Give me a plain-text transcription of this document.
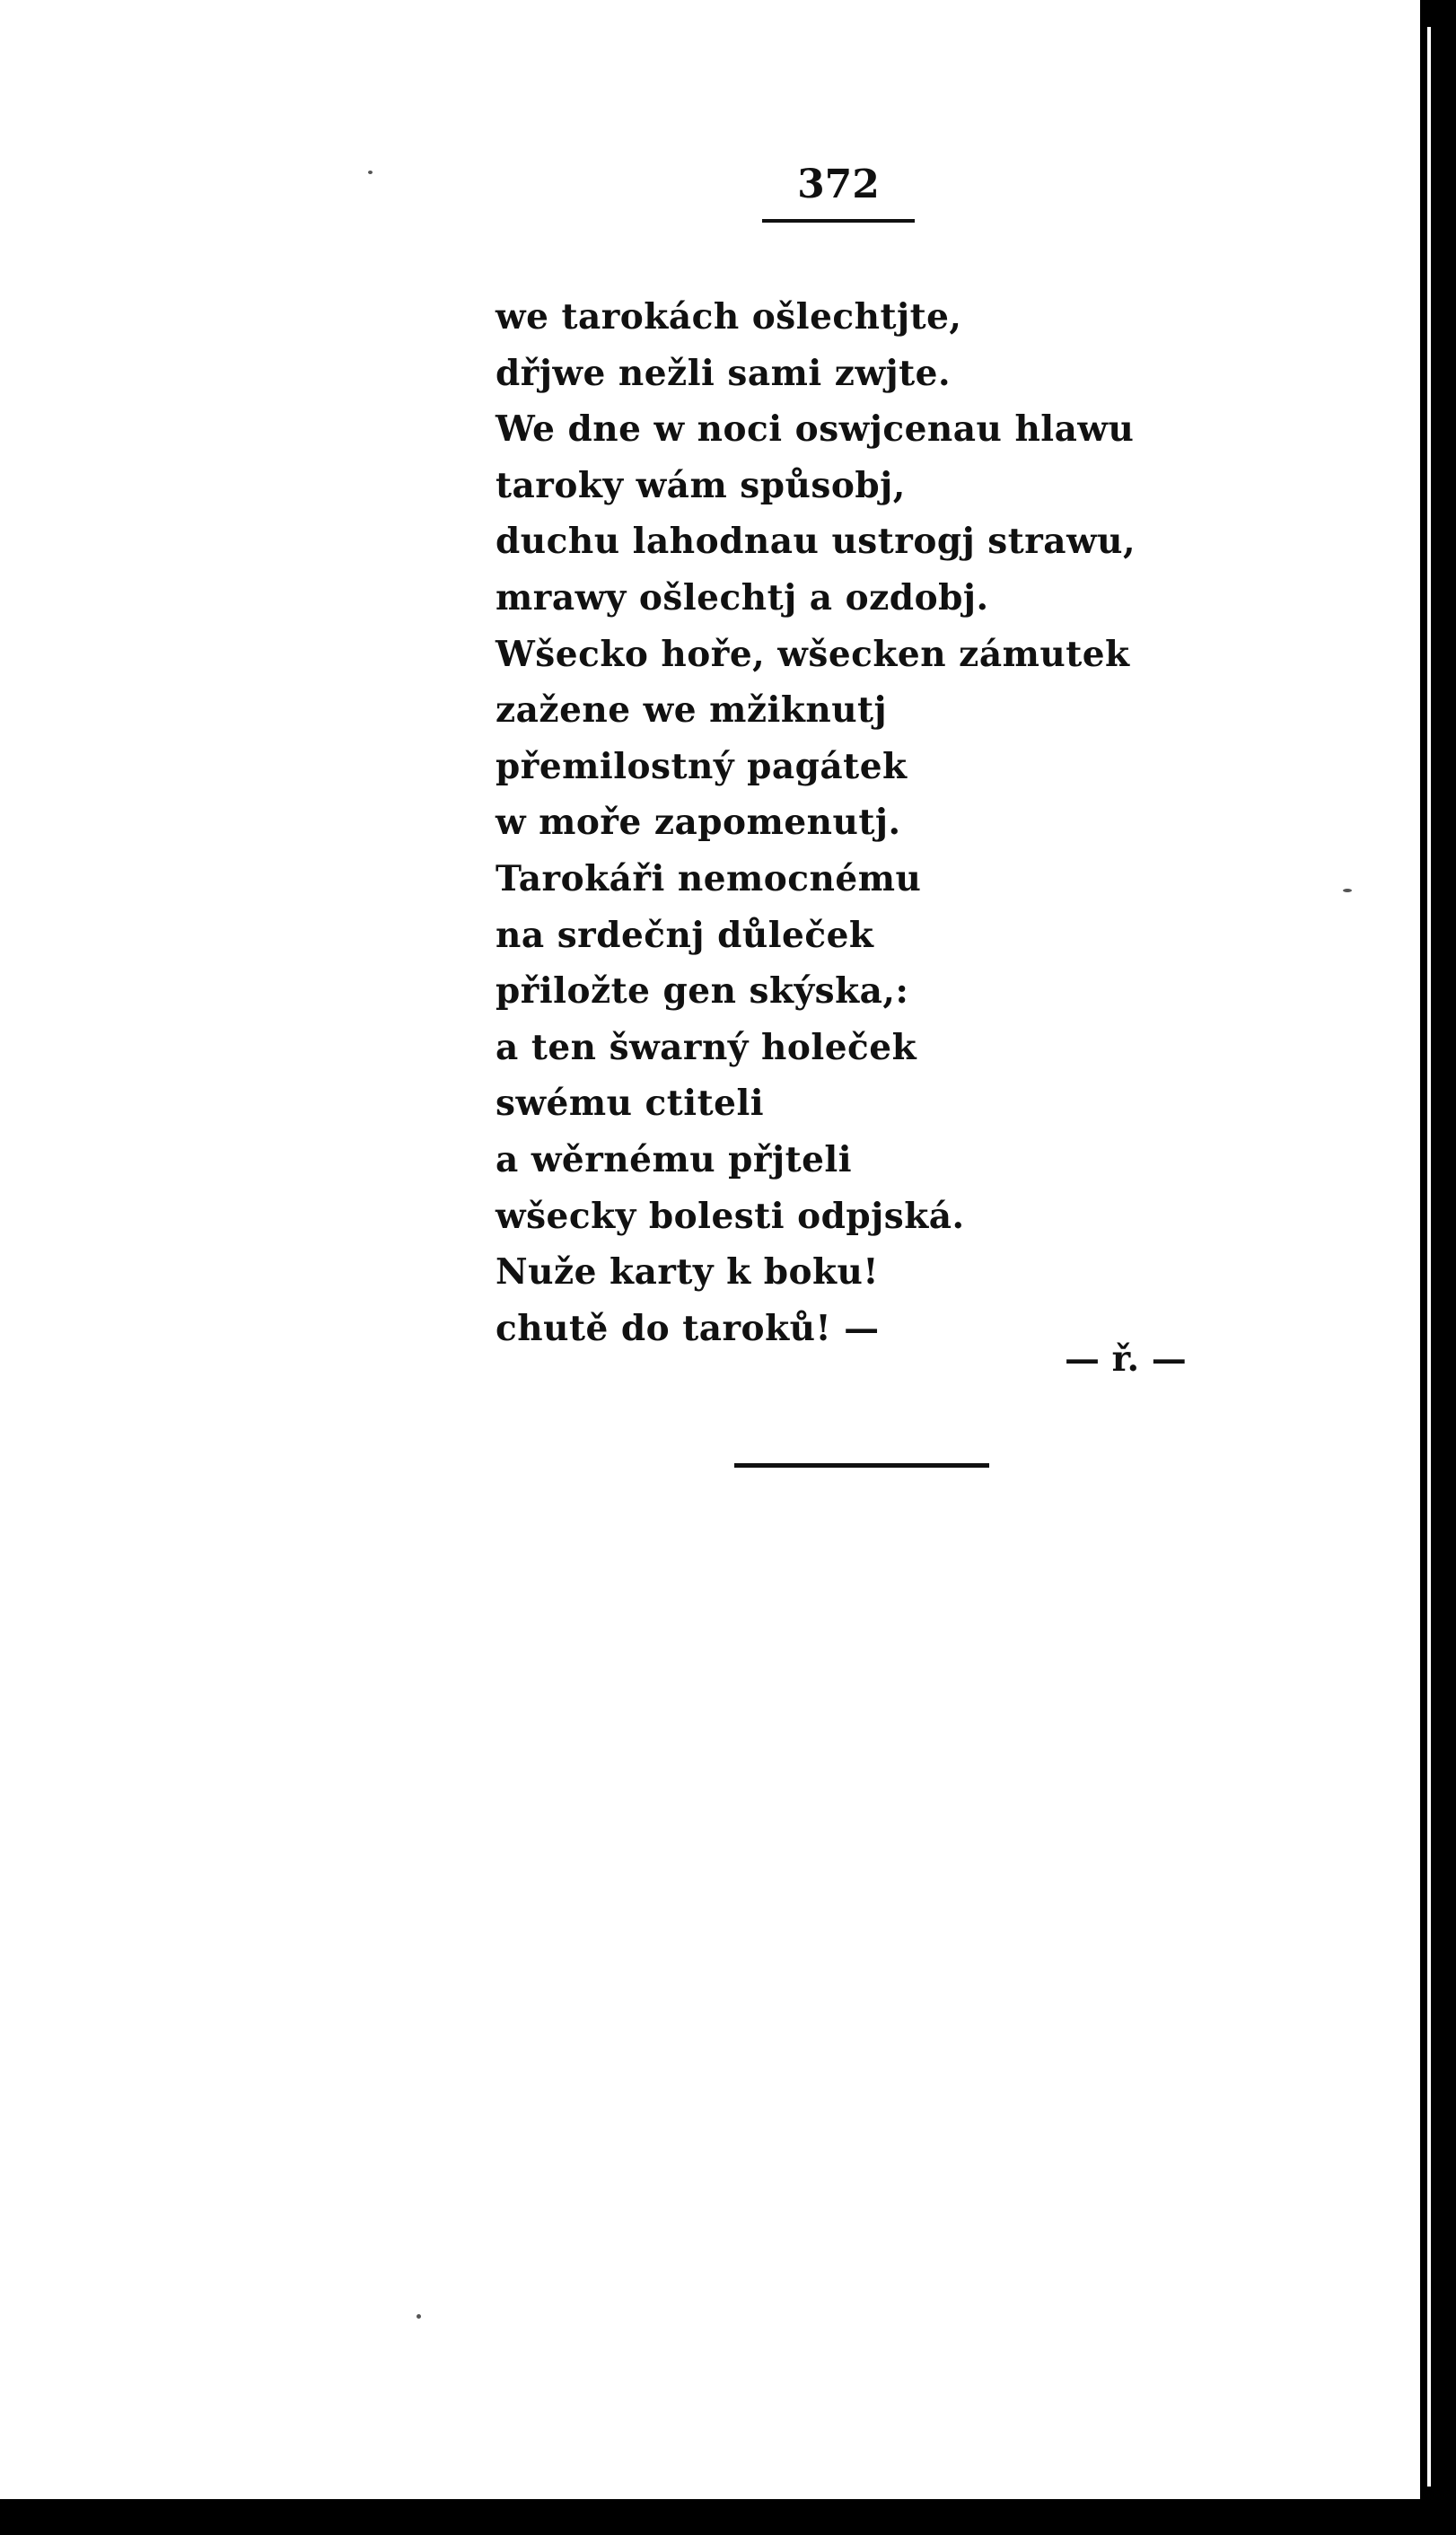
372
we tarokách ošlechtjte,
dřjwe nežli sami zwjte.
We dne w noci oswjcenau hlawu
taroky wám spůsobj,
duchu lahodnau ustrogj strawu,
mrawy ošlechtj a ozdobj.
Wšecko hoře, wšecken zámutek
zažene we mžiknutj
přemilostný pagátek
w moře zapomenutj.
Tarokáři nemocnému
na srdečnj důleček
přiložte gen skýska,:
a ten šwarný holeček
swému ctiteli
a wěrnému přjteli
wšecky bolesti odpjská.
Nuže karty k boku!
chutě do taroků! —
— ř. —
